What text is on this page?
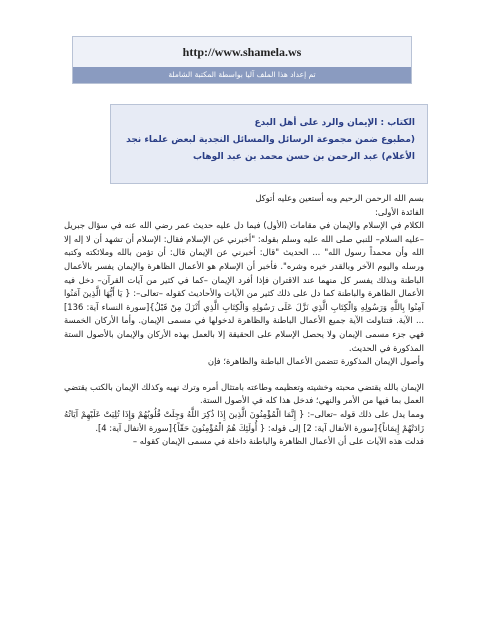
http://www.shamela.ws
تم إعداد هذا الملف آليا بواسطة المكتبة الشاملة
الكتاب : الإيمان والرد على أهل البدع
(مطبوع ضمن مجموعة الرسائل والمسائل النجدية لبعض علماء نجد
الأعلام) عبد الرحمن بن حسن محمد بن عبد الوهاب

بسم الله الرحمن الرحيم وبه أستعين وعليه أتوكل

الفائدة الأولى:

الكلام في الإسلام والإيمان في مقامات (الأول) فيما دل عليه حديث عمر رضي الله عنه في سؤال جبريل –عليه السلام– للنبي صلى الله عليه وسلم بقوله: "أخبرني عن الإسلام فقال: الإسلام أن تشهد أن لا إله إلا الله وأن محمداً رسول الله" ... الحديث "قال: أخبرني عن الإيمان قال: أن تؤمن بالله وملائكته وكتبه ورسله واليوم الآخر وبالقدر خيره وشره". فأخبر أن الإسلام هو الأعمال الظاهرة والإيمان يفسر بالأعمال الباطنة وبذلك يفسر كل منهما عند الاقتران فإذا أفرد الإيمان –كما في كثير من آيات القرآن– دخل فيه الأعمال الظاهرة والباطنة كما دل على ذلك كثير من الآيات والأحاديث كقوله –تعالى–: { يَا أَيُّهَا الَّذِينَ آمَنُوا آمِنُوا بِاللَّهِ وَرَسُولِهِ وَالْكِتَابِ الَّذِي نَزَّلَ عَلَى رَسُولِهِ وَالْكِتَابِ الَّذِي أَنْزَلَ مِنْ قَبْلُ}[سورة النساء آية: 136] ... الآية. فتناولت الآية جميع الأعمال الباطنة والظاهرة لدخولها في مسمى الإيمان. وأما الأركان الخمسة فهي جزء مسمى الإيمان ولا يحصل الإسلام على الحقيقة إلا بالعمل بهذه الأركان والإيمان بالأصول الستة المذكورة في الحديث.

وأصول الإيمان المذكورة تتضمن الأعمال الباطنة والظاهرة؛ فإن

الإيمان بالله يقتضي محبته وخشيته وتعظيمه وطاعته بامتثال أمره وترك نهيه وكذلك الإيمان بالكتب يقتضي العمل بما فيها من الأمر والنهي؛ فدخل هذا كله في الأصول الستة.

ومما يدل على ذلك قوله –تعالى–: { إِنَّمَا الْمُؤْمِنُونَ الَّذِينَ إِذَا ذُكِرَ اللَّهُ وَجِلَتْ قُلُوبُهُمْ وَإِذَا تُلِيَتْ عَلَيْهِمْ آيَاتُهُ زَادَتْهُمْ إِيمَاناً}[سورة الأنفال آية: 2] إلى قوله: { أُولَئِكَ هُمُ الْمُؤْمِنُونَ حَقّاً}[سورة الأنفال آية: 4].

فدلت هذه الآيات على أن الأعمال الظاهرة والباطنة داخلة في مسمى الإيمان كقوله –
